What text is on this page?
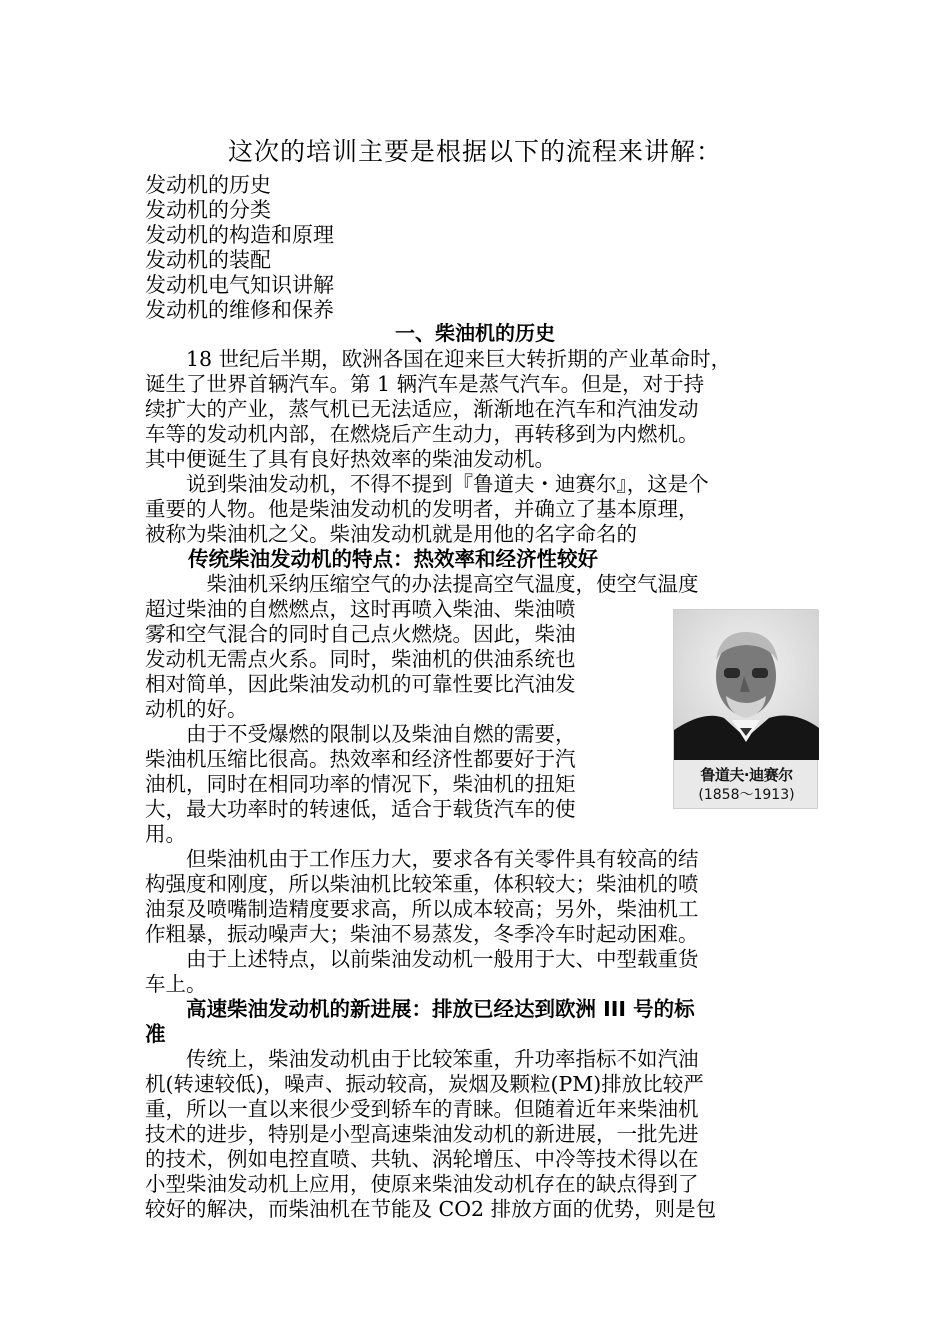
这次的培训主要是根据以下的流程来讲解：
发动机的历史
发动机的分类
发动机的构造和原理
发动机的装配
发动机电气知识讲解
发动机的维修和保养
一、柴油机的历史
　　18 世纪后半期，欧洲各国在迎来巨大转折期的产业革命时，
诞生了世界首辆汽车。第 1 辆汽车是蒸气汽车。但是，对于持
续扩大的产业，蒸气机已无法适应，渐渐地在汽车和汽油发动
车等的发动机内部，在燃烧后产生动力，再转移到为内燃机。
其中便诞生了具有良好热效率的柴油发动机。
　　说到柴油发动机，不得不提到『鲁道夫・迪赛尔』，这是个
重要的人物。他是柴油发动机的发明者，并确立了基本原理，
被称为柴油机之父。柴油发动机就是用他的名字命名的
传统柴油发动机的特点：热效率和经济性较好
　　　柴油机采纳压缩空气的办法提高空气温度，使空气温度
超过柴油的自燃燃点，这时再喷入柴油、柴油喷
雾和空气混合的同时自己点火燃烧。因此，柴油
发动机无需点火系。同时，柴油机的供油系统也
相对简单，因此柴油发动机的可靠性要比汽油发
动机的好。
　　由于不受爆燃的限制以及柴油自燃的需要，
柴油机压缩比很高。热效率和经济性都要好于汽
油机，同时在相同功率的情况下，柴油机的扭矩
大，最大功率时的转速低，适合于载货汽车的使
用。
鲁道夫·迪赛尔
(1858～1913)
　　但柴油机由于工作压力大，要求各有关零件具有较高的结
构强度和刚度，所以柴油机比较笨重，体积较大；柴油机的喷
油泵及喷嘴制造精度要求高，所以成本较高；另外，柴油机工
作粗暴，振动噪声大；柴油不易蒸发，冬季冷车时起动困难。
　　由于上述特点，以前柴油发动机一般用于大、中型载重货
车上。
　　高速柴油发动机的新进展：排放已经达到欧洲 III 号的标
准
　　传统上，柴油发动机由于比较笨重，升功率指标不如汽油
机(转速较低)，噪声、振动较高，炭烟及颗粒(PM)排放比较严
重，所以一直以来很少受到轿车的青睐。但随着近年来柴油机
技术的进步，特别是小型高速柴油发动机的新进展，一批先进
的技术，例如电控直喷、共轨、涡轮增压、中冷等技术得以在
小型柴油发动机上应用，使原来柴油发动机存在的缺点得到了
较好的解决，而柴油机在节能及 CO2 排放方面的优势，则是包
